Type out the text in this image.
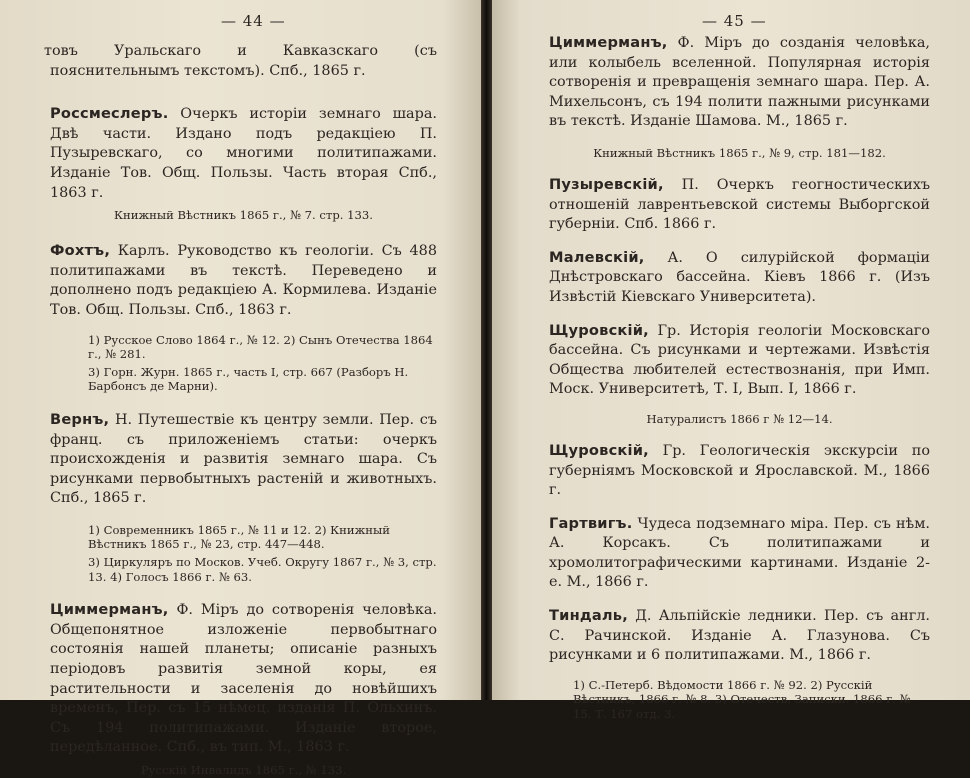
— 44 —

товъ Уральскаго и Кавказскаго (съ пояснительнымъ текстомъ). Спб., 1865 г.

Россмеслеръ. Очеркъ исторіи земнаго шара. Двѣ части. Издано подъ редакціею П. Пузыревскаго, со многими политипажами. Изданіе Тов. Общ. Пользы. Часть вторая Спб., 1863 г.

Книжный Вѣстникъ 1865 г., № 7. стр. 133.

Фохтъ, Карлъ. Руководство къ геологіи. Съ 488 политипажами въ текстѣ. Переведено и дополнено подъ редакціею А. Кормилева. Изданіе Тов. Общ. Пользы. Спб., 1863 г.

1) Русское Слово 1864 г., № 12. 2) Сынъ Отечества 1864 г., № 281.

3) Горн. Журн. 1865 г., часть I, стр. 667 (Разборъ Н. Барбонсъ де Марни).

Вернъ, Н. Путешествіе къ центру земли. Пер. съ франц. съ приложеніемъ статьи: очеркъ происхожденія и развитія земнаго шара. Съ рисунками первобытныхъ растеній и животныхъ. Спб., 1865 г.

1) Современникъ 1865 г., № 11 и 12. 2) Книжный Вѣстникъ 1865 г., № 23, стр. 447—448.

3) Циркуляръ по Москов. Учеб. Округу 1867 г., № 3, стр. 13. 4) Голосъ 1866 г. № 63.

Циммерманъ, Ф. Міръ до сотворенія человѣка. Общепонятное изложеніе первобытнаго состоянія нашей планеты; описаніе разныхъ періодовъ развитія земной коры, ея растительности и заселенія до новѣйшихъ временъ, Пер. съ 15 нѣмец. изданія П. Ольхинъ. Съ 194 политипажами. Изданіе второе, передѣланное. Спб., въ тип. М., 1863 г.

Русскій Инвалидъ 1865 г., № 133.

— 45 —

Циммерманъ, Ф. Міръ до созданія человѣка, или колыбель вселенной. Популярная исторія сотворенія и превращенія земнаго шара. Пер. А. Михельсонъ, съ 194 полити пажными рисунками въ текстѣ. Изданіе Шамова. М., 1865 г.

Книжный Вѣстникъ 1865 г., № 9, стр. 181—182.

Пузыревскій, П. Очеркъ геогностическихъ отношеній лаврентьевской системы Выборгской губерніи. Спб. 1866 г.

Малевскій, А. О силурійской формаціи Днѣстровскаго бассейна. Кіевъ 1866 г. (Изъ Извѣстій Кіевскаго Университета).

Щуровскій, Гр. Исторія геологіи Московскаго бассейна. Съ рисунками и чертежами. Извѣстія Общества любителей естествознанія, при Имп. Моск. Университетѣ, Т. I, Вып. I, 1866 г.

Натуралистъ 1866 г № 12—14.

Щуровскій, Гр. Геологическія экскурсіи по губерніямъ Московской и Ярославской. М., 1866 г.

Гартвигъ. Чудеса подземнаго міра. Пер. съ нѣм. А. Корсакъ. Съ политипажами и хромолитографическими картинами. Изданіе 2-е. М., 1866 г.

Тиндаль, Д. Альпійскіе ледники. Пер. съ англ. С. Рачинской. Изданіе А. Глазунова. Съ рисунками и 6 политипажами. М., 1866 г.

1) С.-Петерб. Вѣдомости 1866 г. № 92. 2) Русскій Вѣстникъ, 1866 г. № 8. 3) Отечеств. Записки. 1866 г. № 15. Т. 167 отд. 3.
